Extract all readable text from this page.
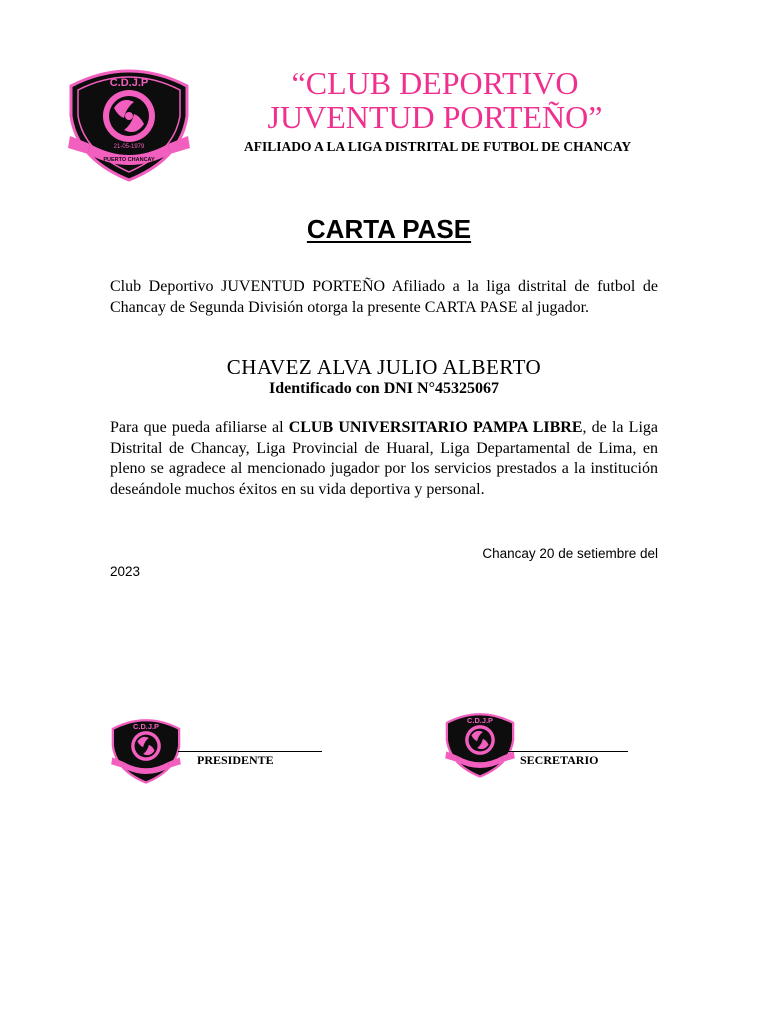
C.D.J.P
21-05-1979
PUERTO CHANCAY
“CLUB DEPORTIVO
JUVENTUD PORTEÑO”
AFILIADO A LA LIGA DISTRITAL DE FUTBOL DE CHANCAY
CARTA PASE

Club Deportivo JUVENTUD PORTEÑO Afiliado a la liga distrital de futbol de Chancay de Segunda División otorga la presente CARTA PASE al jugador.

CHAVEZ ALVA JULIO ALBERTO
Identificado con DNI N°45325067

Para que pueda afiliarse al CLUB UNIVERSITARIO PAMPA LIBRE, de la Liga Distrital de Chancay, Liga Provincial de Huaral, Liga Departamental de Lima, en pleno se agradece al mencionado jugador por los servicios prestados a la institución deseándole muchos éxitos en su vida deportiva y personal.

Chancay 20 de setiembre del
2023
C.D.J.P
PRESIDENTE
C.D.J.P
SECRETARIO
